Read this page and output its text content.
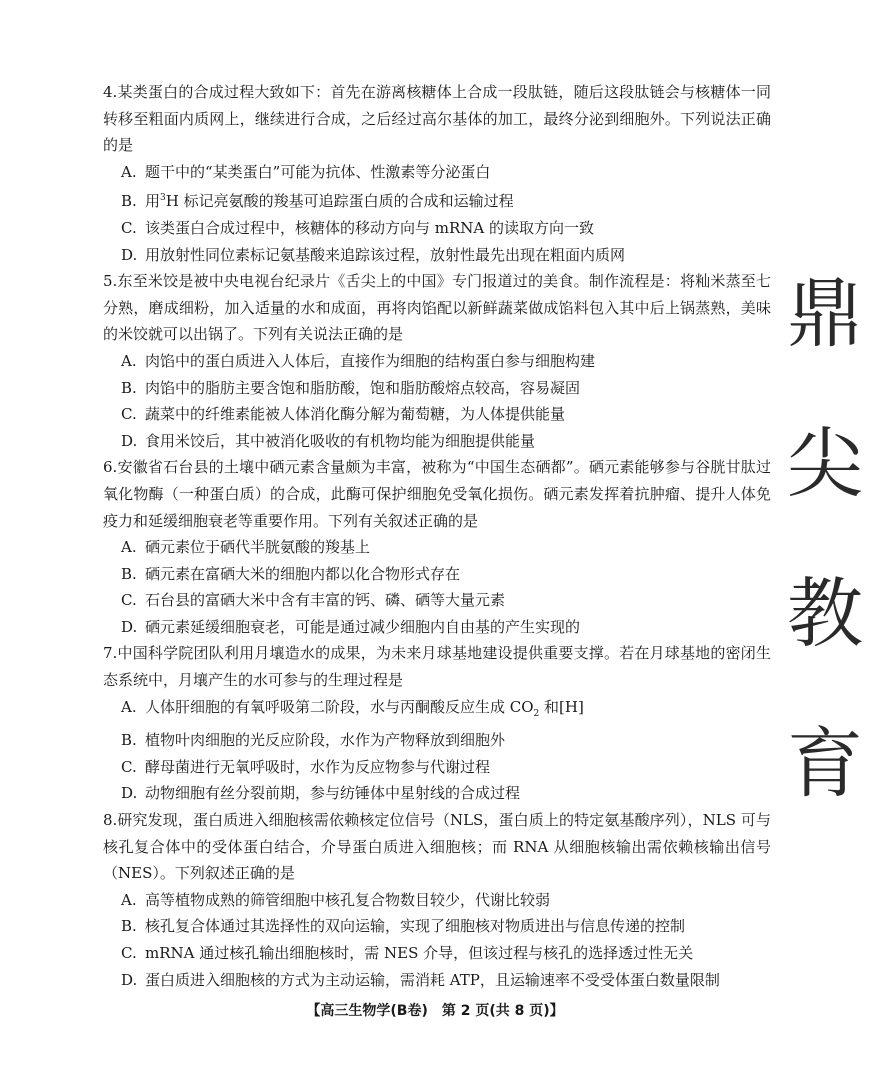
4.某类蛋白的合成过程大致如下：首先在游离核糖体上合成一段肽链，随后这段肽链会与核糖体一同转移至粗面内质网上，继续进行合成，之后经过高尔基体的加工，最终分泌到细胞外。下列说法正确的是

A. 题干中的“某类蛋白”可能为抗体、性激素等分泌蛋白

B. 用$^3$H 标记亮氨酸的羧基可追踪蛋白质的合成和运输过程

C. 该类蛋白合成过程中，核糖体的移动方向与 mRNA 的读取方向一致

D. 用放射性同位素标记氨基酸来追踪该过程，放射性最先出现在粗面内质网

5.东至米饺是被中央电视台纪录片《舌尖上的中国》专门报道过的美食。制作流程是：将籼米蒸至七分熟，磨成细粉，加入适量的水和成面，再将肉馅配以新鲜蔬菜做成馅料包入其中后上锅蒸熟，美味的米饺就可以出锅了。下列有关说法正确的是

A. 肉馅中的蛋白质进入人体后，直接作为细胞的结构蛋白参与细胞构建

B. 肉馅中的脂肪主要含饱和脂肪酸，饱和脂肪酸熔点较高，容易凝固

C. 蔬菜中的纤维素能被人体消化酶分解为葡萄糖，为人体提供能量

D. 食用米饺后，其中被消化吸收的有机物均能为细胞提供能量

6.安徽省石台县的土壤中硒元素含量颇为丰富，被称为“中国生态硒都”。硒元素能够参与谷胱甘肽过氧化物酶（一种蛋白质）的合成，此酶可保护细胞免受氧化损伤。硒元素发挥着抗肿瘤、提升人体免疫力和延缓细胞衰老等重要作用。下列有关叙述正确的是

A. 硒元素位于硒代半胱氨酸的羧基上

B. 硒元素在富硒大米的细胞内都以化合物形式存在

C. 石台县的富硒大米中含有丰富的钙、磷、硒等大量元素

D. 硒元素延缓细胞衰老，可能是通过减少细胞内自由基的产生实现的

7.中国科学院团队利用月壤造水的成果，为未来月球基地建设提供重要支撑。若在月球基地的密闭生态系统中，月壤产生的水可参与的生理过程是

A. 人体肝细胞的有氧呼吸第二阶段，水与丙酮酸反应生成 $CO_2$ 和[H]

B. 植物叶肉细胞的光反应阶段，水作为产物释放到细胞外

C. 酵母菌进行无氧呼吸时，水作为反应物参与代谢过程

D. 动物细胞有丝分裂前期，参与纺锤体中星射线的合成过程

8.研究发现，蛋白质进入细胞核需依赖核定位信号（NLS，蛋白质上的特定氨基酸序列），NLS 可与核孔复合体中的受体蛋白结合，介导蛋白质进入细胞核；而 RNA 从细胞核输出需依赖核输出信号（NES）。下列叙述正确的是

A. 高等植物成熟的筛管细胞中核孔复合物数目较少，代谢比较弱

B. 核孔复合体通过其选择性的双向运输，实现了细胞核对物质进出与信息传递的控制

C. mRNA 通过核孔输出细胞核时，需 NES 介导，但该过程与核孔的选择透过性无关

D. 蛋白质进入细胞核的方式为主动运输，需消耗 ATP，且运输速率不受受体蛋白数量限制

鼎
尖
教
育
【高三生物学(B卷)　第 2 页(共 8 页)】
